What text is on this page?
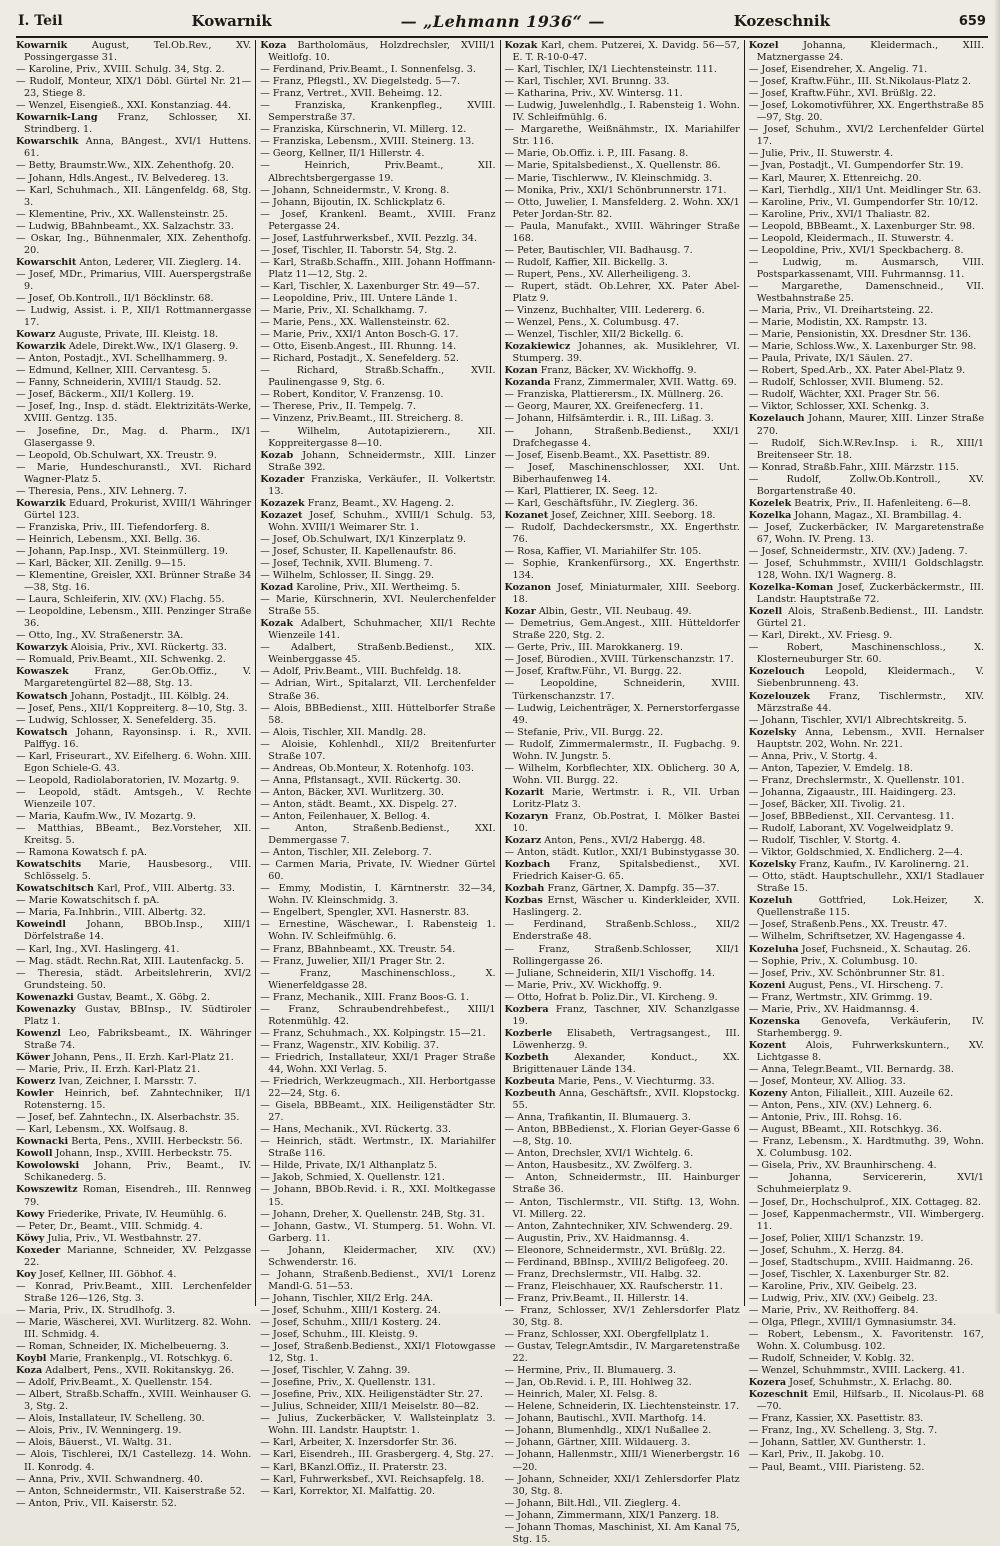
I. Teil	Kowarnik	— „Lehmann 1936“ —	Kozeschnik	659
Kowarnik	August, Tel.Ob.Rev., XV. Possingergasse 31.
— Karoline, Priv., XVIII. Schulg. 34, Stg. 2.
— Rudolf, Monteur, XIX/1 Döbl. Gürtel Nr. 21—23, Stiege 8.
— Wenzel, Eisengieß., XXI. Konstanziag. 44.
Kowarnik-Lang Franz, Schlosser, XI. Strindberg. 1.
Kowarschik Anna, BAngest., XVI/1 Huttens. 61.
— Betty, Braumstr.Ww., XIX. Zehenthofg. 20.
— Johann, Hdls.Angest., IV. Belvedereg. 13.
— Karl, Schuhmach., XII. Längenfeldg. 68, Stg. 3.
— Klementine, Priv., XX. Wallensteinstr. 25.
— Ludwig, BBahnbeamt., XX. Salzachstr. 33.
— Oskar, Ing., Bühnenmaler, XIX. Zehenthofg. 20.
Kowarschit Anton, Lederer, VII. Zieglerg. 14.
— Josef, MDr., Primarius, VIII. Auerspergstraße 9.
— Josef, Ob.Kontroll., II/1 Böcklinstr. 68.
— Ludwig, Assist. i. P., XII/1 Rottmannergasse 17.
Kowarz Auguste, Private, III. Kleistg. 18.
Kowarzik Adele, Direkt.Ww., IX/1 Glaserg. 9.
— Anton, Postadjt., XVI. Schellhammerg. 9.
— Edmund, Kellner, XIII. Cervantesg. 5.
— Fanny, Schneiderin, XVIII/1 Staudg. 52.
— Josef, Bäckerm., XII/1 Kollerg. 19.
— Josef, Ing., Insp. d. städt. Elektrizitäts-Werke, XVIII. Gentzg. 135.
— Josefine, Dr., Mag. d. Pharm., IX/1 Glasergasse 9.
— Leopold, Ob.Schulwart, XX. Treustr. 9.
— Marie, Hundeschuranstl., XVI. Richard Wagner-Platz 5.
— Theresia, Pens., XIV. Lehnerg. 7.
Kowarzik Eduard, Prokurist, XVIII/1 Währinger Gürtel 123.
— Franziska, Priv., III. Tiefendorferg. 8.
— Heinrich, Lebensm., XXI. Bellg. 36.
— Johann, Pap.Insp., XVI. Steinmüllerg. 19.
— Karl, Bäcker, XII. Zenillg. 9—15.
— Klementine, Greisler, XXI. Brünner Straße 34—38, Stg. 16.
— Laura, Schleiferin, XIV. (XV.) Flachg. 55.
— Leopoldine, Lebensm., XIII. Penzinger Straße 36.
— Otto, Ing., XV. Straßenerstr. 3A.
Kowarzyk Aloisia, Priv., XVI. Rückertg. 33.
— Romuald, Priv.Beamt., XII. Schwenkg. 2.
Kowaszek	Franz, Ger.Ob.Offiz., V. Margaretengürtel 82—88, Stg. 13.
Kowatsch Johann, Postadjt., III. Kölblg. 24.
— Josef, Pens., XII/1 Koppreiterg. 8—10, Stg. 3.
— Ludwig, Schlosser, X. Senefelderg. 35.
Kowatsch Johann, Rayonsinsp. i. R., XVII. Palffyg. 16.
— Karl, Friseurart., XV. Eifelherg. 6. Wohn. XIII. Egon Schiele-G. 43.
— Leopold, Radiolaboratorien, IV. Mozartg. 9.
— Leopold, städt. Amtsgeh., V. Rechte Wienzeile 107.
— Maria, Kaufm.Ww., IV. Mozartg. 9.
— Matthias, BBeamt., Bez.Vorsteher, XII. Kreitsg. 5.
— Ramona Kowatsch f. pA.
Kowatschits Marie, Hausbesorg., VIII. Schlösselg. 5.
Kowatschitsch Karl, Prof., VIII. Albertg. 33.
— Marie Kowatschitsch f. pA.
— Maria, Fa.Inhbrin., VIII. Albertg. 32.
Koweindl Johann, BBOb.Insp., XIII/1 Dörfelstraße 14.
— Karl, Ing., XVI. Haslingerg. 41.
— Mag. städt. Rechn.Rat, XIII. Lautenfackg. 5.
— Theresia, städt. Arbeitslehrerin, XVI/2 Grundsteing. 50.
Kowenazki Gustav, Beamt., X. Göbg. 2.
Kowenazky Gustav, BBInsp., IV. Südtiroler Platz 1.
Kowenzl Leo, Fabriksbeamt., IX. Währinger Straße 74.
Köwer Johann, Pens., II. Erzh. Karl-Platz 21.
— Marie, Priv., II. Erzh. Karl-Platz 21.
Kowerz Ivan, Zeichner, I. Marsstr. 7.
Kowler Heinrich, bef. Zahntechniker, II/1 Rotensterng. 15.
— Josef, bef. Zahntechn., IX. Alserbachstr. 35.
— Karl, Lebensm., XX. Wolfsaug. 8.
Kownacki Berta, Pens., XVIII. Herbeckstr. 56.
Kowoll Johann, Insp., XVIII. Herbeckstr. 75.
Kowolowski Johann, Priv., Beamt., IV. Schikanederg. 5.
Kowszewitz Roman, Eisendreh., III. Rennweg 79.
Kowy Friederike, Private, IV. Heumühlg. 6.
— Peter, Dr., Beamt., VIII. Schmidg. 4.
Köwy Julia, Priv., VI. Westbahnstr. 27.
Koxeder Marianne, Schneider, XV. Pelzgasse 22.
Koy Josef, Kellner, III. Göbhof. 4.
— Konrad, Priv.Beamt., XIII. Lerchenfelder Straße 126—126, Stg. 3.
— Maria, Priv., IX. Strudlhofg. 3.
— Marie, Wäscherei, XVI. Wurlitzerg. 82. Wohn. III. Schmidg. 4.
— Roman, Schneider, IX. Michelbeuerng. 3.
Koybl Marie, Frankenplg., VI. Rotschkyg. 6.
Koza Adalbert, Pens., XVII. Rokitanskyg. 26.
— Adolf, Priv.Beamt., X. Quellenstr. 154.
— Albert, Straßb.Schaffn., XVIII. Weinhauser G. 3, Stg. 2.
— Alois, Installateur, IV. Schelleng. 30.
— Alois, Priv., IV. Wenningerg. 19.
— Alois, Bäuerst., VI. Waltg. 31.
— Alois, Tischlerei, IX/1 Castellezg. 14. Wohn. II. Konrodg. 4.
— Anna, Priv., XVII. Schwandnerg. 40.
— Anton, Schneidermstr., VII. Kaiserstraße 52.
— Anton, Priv., VII. Kaiserstr. 52.
Koza Bartholomäus, Holzdrechsler, XVIII/1 Weitlofg. 10.
— Ferdinand, Priv.Beamt., I. Sonnenfelsg. 3.
— Franz, Pflegstl., XV. Diegelstedg. 5—7.
— Franz, Vertret., XVII. Beheimg. 12.
— Franziska, Krankenpfleg., XVIII. Semperstraße 37.
— Franziska, Kürschnerin, VI. Millerg. 12.
— Franziska, Lebensm., XVIII. Steinerg. 13.
— Georg, Kellner, II/1 Hillerstr. 4.
— Heinrich, Priv.Beamt., XII. Albrechtsbergergasse 19.
— Johann, Schneidermstr., V. Krong. 8.
— Johann, Bijoutin, IX. Schlickplatz 6.
— Josef, Krankenl. Beamt., XVIII. Franz Petergasse 24.
— Josef, Lastfuhrwerksbef., XVII. Pezzlg. 34.
— Josef, Tischler, II. Taborstr. 54, Stg. 2.
— Karl, Straßb.Schaffn., XIII. Johann Hoffmann-Platz 11—12, Stg. 2.
— Karl, Tischler, X. Laxenburger Str. 49—57.
— Leopoldine, Priv., III. Untere Lände 1.
— Marie, Priv., XI. Schalkhamg. 7.
— Marie, Pens., XX. Wallensteinstr. 62.
— Marie, Priv., XXI/1 Anton Bosch-G. 17.
— Otto, Eisenb.Angest., III. Rhunng. 14.
— Richard, Postadjt., X. Senefelderg. 52.
— Richard, Straßb.Schaffn., XVII. Paulinengasse 9, Stg. 6.
— Robert, Konditor, V. Franzensg. 10.
— Therese, Priv., II. Tempelg. 7.
— Vinzenz, Priv.Beamt., III. Streicherg. 8.
— Wilhelm, Autotapizierern., XII. Koppreitergasse 8—10.
Kozab Johann, Schneidermstr., XIII. Linzer Straße 392.
Kozader Franziska, Verkäufer., II. Volkertstr. 13.
Kozazek Franz, Beamt., XV. Hageng. 2.
Kozazet Josef, Schuhm., XVIII/1 Schulg. 53, Wohn. XVIII/1 Weimarer Str. 1.
— Josef, Ob.Schulwart, IX/1 Kinzerplatz 9.
— Josef, Schuster, II. Kapellenaufstr. 86.
— Josef, Technik, XVII. Blumeng. 7.
— Wilhelm, Schlosser, II. Singg. 29.
Kozad Karoline, Priv., XII. Wertheimg. 5.
— Marie, Kürschnerin, XVI. Neulerchenfelder Straße 55.
Kozak Adalbert, Schuhmacher, XII/1 Rechte Wienzeile 141.
— Adalbert, Straßenb.Bedienst., XIX. Weinberggasse 45.
— Adolf, Priv.Beamt., VIII. Buchfeldg. 18.
— Adrian, Wirt., Spitalarzt, VII. Lerchenfelder Straße 36.
— Alois, BBBedienst., XIII. Hüttelborfer Straße 58.
— Alois, Tischler, XII. Mandlg. 28.
— Aloisie, Kohlenhdl., XII/2 Breitenfurter Straße 107.
— Andreas, Ob.Monteur, X. Rotenhofg. 103.
— Anna, Pflstansagt., XVII. Rückertg. 30.
— Anton, Bäcker, XVI. Wurlitzerg. 30.
— Anton, städt. Beamt., XX. Dispelg. 27.
— Anton, Feilenhauer, X. Bellog. 4.
— Anton, Straßenb.Bedienst., XXI. Demmergasse 7.
— Anton, Tischler, XII. Zeleborg. 7.
— Carmen Maria, Private, IV. Wiedner Gürtel 60.
— Emmy, Modistin, I. Kärntnerstr. 32—34, Wohn. IV. Kleinschmidg. 3.
— Engelbert, Spengler, XVI. Hasnerstr. 83.
— Ernestine, Wäschewar., I. Rabensteig 1. Wohn. IV. Schleifmühlg. 6.
— Franz, BBahnbeamt., XX. Treustr. 54.
— Franz, Juwelier, XII/1 Prager Str. 2.
— Franz, Maschinenschloss., X. Wienerfeldgasse 28.
— Franz, Mechanik., XIII. Franz Boos-G. 1.
— Franz, Schraubendrehbefest., XIII/1 Rotenmühlg. 42.
— Franz, Schuhmach., XX. Kolpingstr. 15—21.
— Franz, Wagenstr., XIV. Kobilig. 37.
— Friedrich, Installateur, XXI/1 Prager Straße 44, Wohn. XXI Verlag. 5.
— Friedrich, Werkzeugmach., XII. Herbortgasse 22—24, Stg. 6.
— Gisela, BBBeamt., XIX. Heiligenstädter Str. 27.
— Hans, Mechanik., XVI. Rückertg. 33.
— Heinrich, städt. Wertmstr., IX. Mariahilfer Straße 116.
— Hilde, Private, IX/1 Althanplatz 5.
— Jakob, Schmied, X. Quellenstr. 121.
— Johann, BBOb.Revid. i. R., XXI. Moltkegasse 15.
— Johann, Dreher, X. Quellenstr. 24B, Stg. 31.
— Johann, Gastw., VI. Stumperg. 51. Wohn. VI. Garberg. 11.
— Johann, Kleidermacher, XIV. (XV.) Schwenderstr. 16.
— Johann, Straßenb.Bedienst., XVI/1 Lorenz Mandl-G. 51—53.
— Johann, Tischler, XII/2 Erlg. 24A.
— Josef, Schuhm., XIII/1 Kosterg. 24.
— Josef, Schuhm., XIII/1 Kosterg. 24.
— Josef, Schuhm., III. Kleistg. 9.
— Josef, Straßenb.Bedienst., XXI/1 Flotowgasse 12, Stg. 1.
— Josef, Tischler, V. Zahng. 39.
— Josefine, Priv., X. Quellenstr. 131.
— Josefine, Priv., XIX. Heiligenstädter Str. 27.
— Julius, Schneider, XIII/1 Meiselstr. 80—82.
— Julius, Zuckerbäcker, V. Wallsteinplatz 3. Wohn. III. Landstr. Hauptstr. 1.
— Karl, Arbeiter, X. Inzersdorfer Str. 36.
— Karl, Eisendreh., III. Grasbergerg. 4, Stg. 27.
— Karl, BKanzl.Offiz., II. Praterstr. 23.
— Karl, Fuhrwerksbef., XVI. Reichsapfelg. 18.
— Karl, Korrektor, XI. Malfattig. 20.
Kozak Karl, chem. Putzerei, X. Davidg. 56—57, E. T. R-10-0-47.
— Karl, Tischler, IX/1 Liechtensteinstr. 111.
— Karl, Tischler, XVI. Brunng. 33.
— Katharina, Priv., XV. Wintersg. 11.
— Ludwig, Juwelenhdlg., I. Rabensteig 1. Wohn. IV. Schleifmühlg. 6.
— Margarethe, Weißnähmstr., IX. Mariahilfer Str. 116.
— Marie, Ob.Offiz. i. P., III. Fasang. 8.
— Marie, Spitalsbedienst., X. Quellenstr. 86.
— Marie, Tischlerww., IV. Kleinschmidg. 3.
— Monika, Priv., XXI/1 Schönbrunnerstr. 171.
— Otto, Juwelier, I. Mansfelderg. 2. Wohn. XX/1 Peter Jordan-Str. 82.
— Paula, Manufakt., XVIII. Währinger Straße 168.
— Peter, Bautischler, VII. Badhausg. 7.
— Rudolf, Kaffier, XII. Bickellg. 3.
— Rupert, Pens., XV. Allerheiligeng. 3.
— Rupert, städt. Ob.Lehrer, XX. Pater Abel-Platz 9.
— Vinzenz, Buchhalter, VIII. Ledererg. 6.
— Wenzel, Pens., X. Columbusg. 47.
— Wenzel, Tischler, XII/2 Bickellg. 6.
Kozakiewicz Johannes, ak. Musiklehrer, VI. Stumperg. 39.
Kozan Franz, Bäcker, XV. Wickhoffg. 9.
Kozanda Franz, Zimmermaler, XVII. Wattg. 69.
— Franziska, Plattierersm., IX. Müllnerg. 26.
— Georg, Maurer, XX. Greifenecferg. 11.
— Johann, Hilfsämterdir. i. R., III. Lißag. 3.
— Johann, Straßenb.Bedienst., XXI/1 Drafchegasse 4.
— Josef, Eisenb.Beamt., XX. Pasettistr. 89.
— Josef, Maschinenschlosser, XXI. Unt. Biberhaufenweg 14.
— Karl, Plattierer, IX. Seeg. 12.
— Karl, Geschäftsführ., IV. Zieglerg. 36.
Kozanet Josef, Zeichner, XIII. Seeborg. 18.
— Rudolf, Dachdeckersmstr., XX. Engerthstr. 76.
— Rosa, Kaffier, VI. Mariahilfer Str. 105.
— Sophie, Krankenfürsorg., XX. Engerthstr. 134.
Kozanon Josef, Miniaturmaler, XIII. Seeborg. 18.
Kozar Albin, Gestr., VII. Neubaug. 49.
— Demetrius, Gem.Angest., XIII. Hütteldorfer Straße 220, Stg. 2.
— Gerte, Priv., III. Marokkanerg. 19.
— Josef, Bürodien., XVIII. Türkenschanzstr. 17.
— Josef, Kraftw.Führ., VI. Burgg. 22.
— Leopoldine, Schneiderin, XVIII. Türkenschanzstr. 17.
— Ludwig, Leichenträger, X. Pernerstorfergasse 49.
— Stefanie, Priv., VII. Burgg. 22.
— Rudolf, Zimmermalermstr., II. Fugbachg. 9. Wohn. IV. Jungstr. 5.
— Wilhelm, Korbflechter, XIX. Oblicherg. 30 A, Wohn. VII. Burgg. 22.
Kozarit Marie, Wertmstr. i. R., VII. Urban Loritz-Platz 3.
Kozaryn Franz, Ob.Postrat, I. Mölker Bastei 10.
Kozarz Anton, Pens., XVI/2 Habergg. 48.
— Anton, städt. Kutlor., XXI/1 Bubinstygasse 30.
Kozbach Franz, Spitalsbedienst., XVI. Friedrich Kaiser-G. 65.
Kozbah Franz, Gärtner, X. Dampfg. 35—37.
Kozbas Ernst, Wäscher u. Kinderkleider, XVII. Haslingerg. 2.
— Ferdinand, Straßenb.Schloss., XII/2 Enderstraße 48.
— Franz, Straßenb.Schlosser, XII/1 Rollingergasse 26.
— Juliane, Schneiderin, XII/1 Vischoffg. 14.
— Marie, Priv., XV. Wickhoffg. 9.
— Otto, Hofrat b. Poliz.Dir., VI. Kircheng. 9.
Kozbera Franz, Taschner, XIV. Schanzlgasse 19.
Kozberle Elisabeth, Vertragsangest., III. Löwenherzg. 9.
Kozbeth	Alexander, Konduct., XX. Brigittenauer Lände 134.
Kozbeuta Marie, Pens., V. Viechturmg. 33.
Kozbeuth Anna, Geschäftsfr., XVII. Klopstockg. 55.
— Anna, Trafikantin, II. Blumauerg. 3.
— Anton, BBBedienst., X. Florian Geyer-Gasse 6—8, Stg. 10.
— Anton, Drechsler, XVI/1 Wichtelg. 6.
— Anton, Hausbesitz., XV. Zwölferg. 3.
— Anton, Schneidermstr., III. Hainburger Straße 36.
— Anton, Tischlermstr., VII. Stiftg. 13, Wohn. VI. Millerg. 22.
— Anton, Zahntechniker, XIV. Schwenderg. 29.
— Augustin, Priv., XV. Haidmannsg. 4.
— Eleonore, Schneidermstr., XVI. Brüßlg. 22.
— Ferdinand, BBInsp., XVIII/2 Beligofeeg. 20.
— Franz, Drechslermstr., VII. Halbg. 32.
— Franz, Fleischhauer, XX. Raufscherstr. 11.
— Franz, Priv.Beamt., II. Hillerstr. 14.
— Franz, Schlosser, XV/1 Zehlersdorfer Platz 30, Stg. 8.
— Franz, Schlosser, XXI. Obergfellplatz 1.
— Gustav, Telegr.Amtsdir., IV. Margaretenstraße 22.
— Hermine, Priv., II. Blumauerg. 3.
— Jan, Ob.Revid. i. P., III. Hohlweg 32.
— Heinrich, Maler, XI. Felsg. 8.
— Helene, Schneiderin, IX. Liechtensteinstr. 17.
— Johann, Bautischl., XVII. Marthofg. 14.
— Johann, Blumenhdlg., XIX/1 Nußallee 2.
— Johann, Gärtner, XIII. Wildauerg. 3.
— Johann, Hallenmstr., XIII/1 Wienerbergstr. 16—20.
— Johann, Schneider, XXI/1 Zehlersdorfer Platz 30, Stg. 8.
— Johann, Bilt.Hdl., VII. Zieglerg. 4.
— Johann, Zimmermann, XIX/1 Panzerg. 18.
— Johann Thomas, Maschinist, XI. Am Kanal 75, Stg. 15.
Kozel	Johanna, Kleidermach., XIII. Matznergasse 24.
— Josef, Eisendreher, X. Angelig. 71.
— Josef, Kraftw.Führ., III. St.Nikolaus-Platz 2.
— Josef, Kraftw.Führ., XVI. Brüßlg. 22.
— Josef, Lokomotivführer, XX. Engerthstraße 85—97, Stg. 20.
— Josef, Schuhm., XVI/2 Lerchenfelder Gürtel 17.
— Julie, Priv., II. Stuwerstr. 4.
— Jvan, Postadjt., VI. Gumpendorfer Str. 19.
— Karl, Maurer, X. Ettenreichg. 20.
— Karl, Tierhdlg., XII/1 Unt. Meidlinger Str. 63.
— Karoline, Priv., VI. Gumpendorfer Str. 10/12.
— Karoline, Priv., XVI/1 Thaliastr. 82.
— Leopold, BBBeamt., X. Laxenburger Str. 98.
— Leopold, Kleidermach., II. Stuwerstr. 4.
— Leopoldine, Priv., XVI/1 Speckbacherg. 8.
— Ludwig, m. Ausmarsch, VIII. Postsparkassenamt, VIII. Fuhrmannsg. 11.
— Margarethe, Damenschneid., VII. Westbahnstraße 25.
— Maria, Priv., VI. Dreihartsteing. 22.
— Marie, Modistin, XX. Rampstr. 13.
— Marie, Pensionistin, XX. Dresdner Str. 136.
— Marie, Schloss.Ww., X. Laxenburger Str. 98.
— Paula, Private, IX/1 Säulen. 27.
— Robert, Sped.Arb., XX. Pater Abel-Platz 9.
— Rudolf, Schlosser, XVII. Blumeng. 52.
— Rudolf, Wächter, XXI. Prager Str. 56.
— Viktor, Schlosser, XXI. Schenkg. 3.
Kozelauch Johann, Maurer, XIII. Linzer Straße 270.
— Rudolf, Sich.W.Rev.Insp. i. R., XIII/1 Breitenseer Str. 18.
— Konrad, Straßb.Fahr., XIII. Märzstr. 115.
— Rudolf, Zollw.Ob.Kontroll., XV. Borgartenstraße 40.
Kozelek Beatrix, Priv., II. Hafenleiteng. 6—8.
Kozelka Johann, Magaz., XI. Brambillag. 4.
— Josef, Zuckerbäcker, IV. Margaretenstraße 67, Wohn. IV. Preng. 13.
— Josef, Schneidermstr., XIV. (XV.) Jadeng. 7.
— Josef, Schuhmmstr., XVIII/1 Goldschlagstr. 128, Wohn. IX/1 Wagnerg. 8.
Kozelka-Koman Josef, Zuckerbäckermstr., III. Landstr. Hauptstraße 72.
Kozell Alois, Straßenb.Bedienst., III. Landstr. Gürtel 21.
— Karl, Direkt., XV. Friesg. 9.
— Robert, Maschinenschloss., X. Klosterneuburger Str. 60.
Kozelouch Leopold, Kleidermach., V. Siebenbrunneng. 43.
Kozelouzek Franz, Tischlermstr., XIV. Märzstraße 44.
— Johann, Tischler, XVI/1 Albrechtskreitg. 5.
Kozelsky Anna, Lebensm., XVII. Hernalser Hauptstr. 202, Wohn. Nr. 221.
— Anna, Priv., V. Stortg. 4.
— Anton, Tapezier, V. Emdelg. 18.
— Franz, Drechslermstr., X. Quellenstr. 101.
— Johanna, Zigaaustr., III. Haidingerg. 23.
— Josef, Bäcker, XII. Tivolig. 21.
— Josef, BBBedienst., XII. Cervantesg. 11.
— Rudolf, Laborant, XV. Vogelweidplatz 9.
— Rudolf, Tischler, V. Stortg. 4.
— Viktor, Goldschmied, X. Endlicherg. 2—4.
Kozelsky Franz, Kaufm., IV. Karolinerng. 21.
— Otto, städt. Hauptschullehr., XXI/1 Stadlauer Straße 15.
Kozeluh	Gottfried, Lok.Heizer, X. Quellenstraße 115.
— Josef, Straßenb.Pens., XX. Treustr. 47.
— Wilhelm, Schriftsetzer, XV. Hagengasse 4.
Kozeluha Josef, Fuchsneid., X. Schautag. 26.
— Sophie, Priv., X. Columbusg. 10.
— Josef, Priv., XV. Schönbrunner Str. 81.
Kozeni August, Pens., VI. Hirscheng. 7.
— Franz, Wertmstr., XIV. Grimmg. 19.
— Marie, Priv., XV. Haidmannsg. 4.
Kozenska Genovefa, Verkäuferin, IV. Starhembergg. 9.
Kozent Alois, Fuhrwerkskuntern., XV. Lichtgasse 8.
— Anna, Telegr.Beamt., VII. Bernardg. 38.
— Josef, Monteur, XV. Alliog. 33.
Kozeny Anton, Filialleit., XIII. Auzeile 62.
— Anton, Pens., XIV. (XV.) Lehnerg. 6.
— Antonie, Priv., III. Rohsg. 16.
— August, BBeamt., XII. Rotschkyg. 36.
— Franz, Lebensm., X. Hardtmuthg. 39, Wohn. X. Columbusg. 102.
— Gisela, Priv., XV. Braunhirscheng. 4.
— Johanna, Servicererin, XVI/1 Schuhmeierplatz 9.
— Josef, Dr., Hochschulprof., XIX. Cottageg. 82.
— Josef, Kappenmachermstr., VII. Wimbergerg. 11.
— Josef, Polier, XIII/1 Schanzstr. 19.
— Josef, Schuhm., X. Herzg. 84.
— Josef, Stadtschupm., XVIII. Haidmanng. 26.
— Josef, Tischler, X. Laxenburger Str. 82.
— Karoline, Priv., XIV. Geibelg. 23.
— Ludwig, Priv., XIV. (XV.) Geibelg. 23.
— Marie, Priv., XV. Reithofferg. 84.
— Olga, Pflegr., XVIII/1 Gymnasiumstr. 34.
— Robert, Lebensm., X. Favoritenstr. 167, Wohn. X. Columbusg. 102.
— Rudolf, Schneider, V. Koblg. 32.
— Wenzel, Schuhmmstr., XVIII. Lackerg. 41.
Kozera Josef, Schuhmstr., X. Erlachg. 80.
Kozeschnit Emil, Hilfsarb., II. Nicolaus-Pl. 68—70.
— Franz, Kassier, XX. Pasettistr. 83.
— Franz, Ing., XV. Schelleng. 3, Stg. 7.
— Johann, Sattler, XV. Guntherstr. 1.
— Karl, Priv., II. Jakobg. 10.
— Paul, Beamt., VIII. Piaristeng. 52.
